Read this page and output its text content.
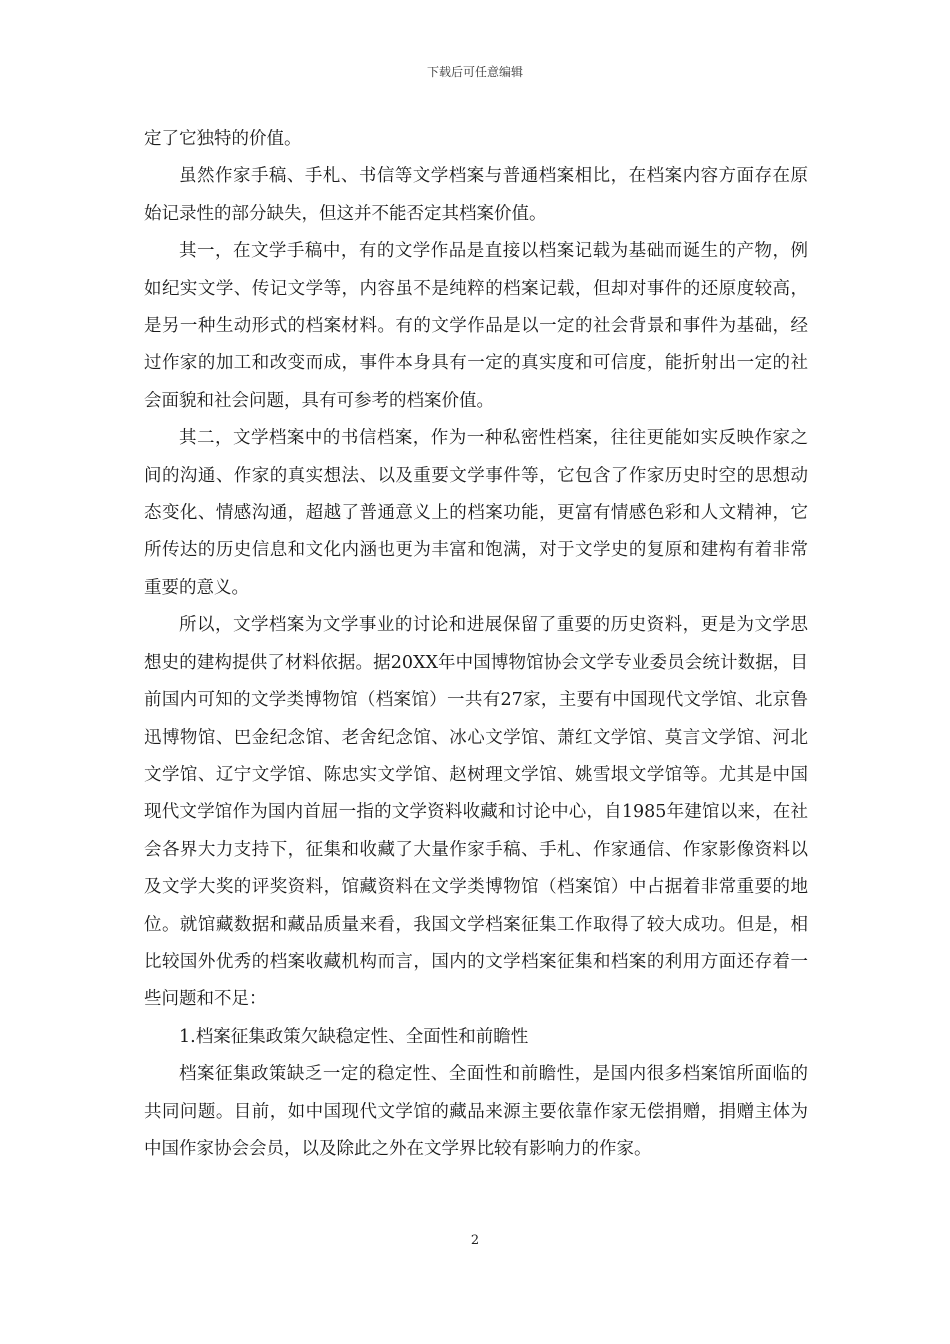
下载后可任意编辑

定了它独特的价值。

虽然作家手稿、手札、书信等文学档案与普通档案相比，在档案内容方面存在原始记录性的部分缺失，但这并不能否定其档案价值。

其一，在文学手稿中，有的文学作品是直接以档案记载为基础而诞生的产物，例如纪实文学、传记文学等，内容虽不是纯粹的档案记载，但却对事件的还原度较高，是另一种生动形式的档案材料。有的文学作品是以一定的社会背景和事件为基础，经过作家的加工和改变而成，事件本身具有一定的真实度和可信度，能折射出一定的社会面貌和社会问题，具有可参考的档案价值。

其二，文学档案中的书信档案，作为一种私密性档案，往往更能如实反映作家之间的沟通、作家的真实想法、以及重要文学事件等，它包含了作家历史时空的思想动态变化、情感沟通，超越了普通意义上的档案功能，更富有情感色彩和人文精神，它所传达的历史信息和文化内涵也更为丰富和饱满，对于文学史的复原和建构有着非常重要的意义。

所以，文学档案为文学事业的讨论和进展保留了重要的历史资料，更是为文学思想史的建构提供了材料依据。据20XX年中国博物馆协会文学专业委员会统计数据，目前国内可知的文学类博物馆（档案馆）一共有27家，主要有中国现代文学馆、北京鲁迅博物馆、巴金纪念馆、老舍纪念馆、冰心文学馆、萧红文学馆、莫言文学馆、河北文学馆、辽宁文学馆、陈忠实文学馆、赵树理文学馆、姚雪垠文学馆等。尤其是中国现代文学馆作为国内首屈一指的文学资料收藏和讨论中心，自1985年建馆以来，在社会各界大力支持下，征集和收藏了大量作家手稿、手札、作家通信、作家影像资料以及文学大奖的评奖资料，馆藏资料在文学类博物馆（档案馆）中占据着非常重要的地位。就馆藏数据和藏品质量来看，我国文学档案征集工作取得了较大成功。但是，相比较国外优秀的档案收藏机构而言，国内的文学档案征集和档案的利用方面还存着一些问题和不足：

1.档案征集政策欠缺稳定性、全面性和前瞻性

档案征集政策缺乏一定的稳定性、全面性和前瞻性，是国内很多档案馆所面临的共同问题。目前，如中国现代文学馆的藏品来源主要依靠作家无偿捐赠，捐赠主体为中国作家协会会员，以及除此之外在文学界比较有影响力的作家。

2
